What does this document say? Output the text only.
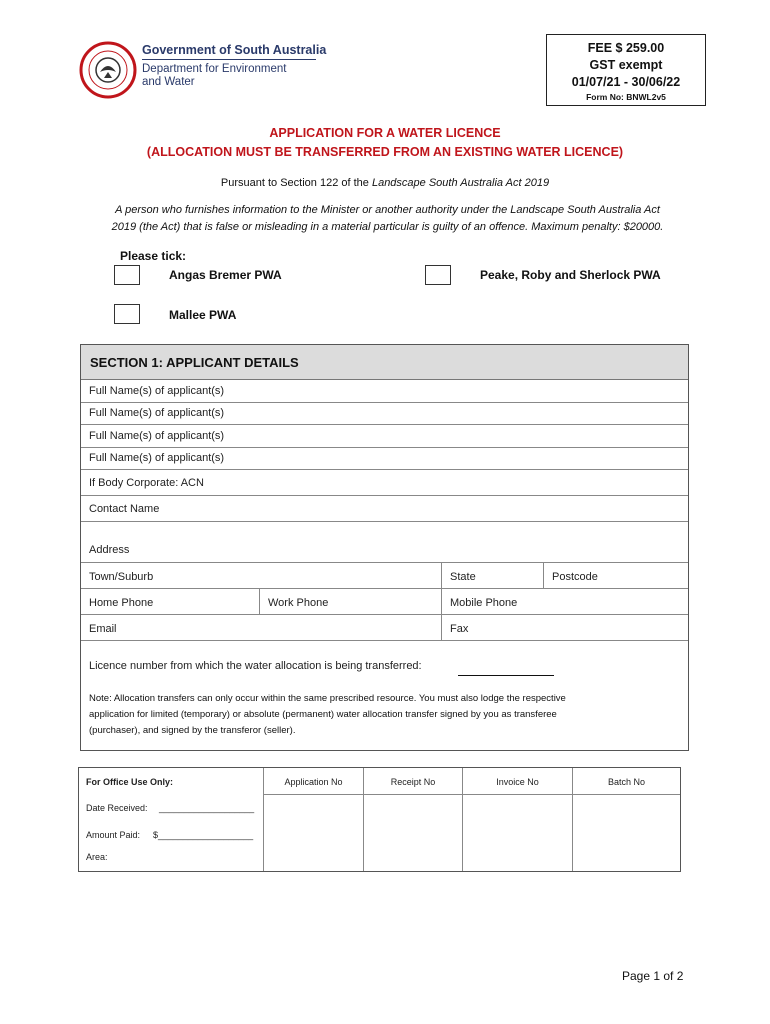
Government of South Australia
Department for Environment
and Water
FEE $ 259.00
GST exempt
01/07/21 - 30/06/22
Form No: BNWL2v5
APPLICATION FOR A WATER LICENCE
(ALLOCATION MUST BE TRANSFERRED FROM AN EXISTING WATER LICENCE)
Pursuant to Section 122 of the Landscape South Australia Act 2019
A person who furnishes information to the Minister or another authority under the Landscape South Australia Act
2019 (the Act) that is false or misleading in a material particular is guilty of an offence. Maximum penalty: $20000.
Please tick:
Angas Bremer PWA	Peake, Roby and Sherlock PWA
Mallee PWA
SECTION 1: APPLICANT DETAILS
Full Name(s) of applicant(s)
Full Name(s) of applicant(s)
Full Name(s) of applicant(s)
Full Name(s) of applicant(s)
If Body Corporate: ACN
Contact Name
Address
Town/Suburb	State	Postcode
Home Phone	Work Phone	Mobile Phone
Email	Fax
Licence number from which the water allocation is being transferred:
Note: Allocation transfers can only occur within the same prescribed resource. You must also lodge the respective
application for limited (temporary) or absolute (permanent) water allocation transfer signed by you as transferee
(purchaser), and signed by the transferor (seller).
For Office Use Only:
Date Received: ___________________
Amount Paid: $___________________
Area:
Application No	Receipt No	Invoice No	Batch No
Page 1 of 2
